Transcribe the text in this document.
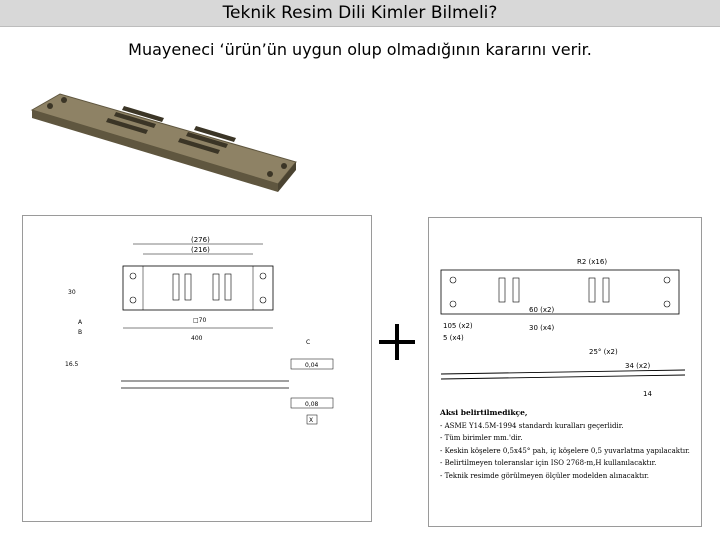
Teknik Resim Dili Kimler Bilmeli?
Muayeneci ‘ürün’ün uygun olup olmadığının kararını verir.
(276)
(216)
400
□70
16.5
30
A
B
C
0,04
0,08
X
R2 (x16)
60 (x2)
105 (x2)
5 (x4)
30 (x4)
25° (x2)
34 (x2)
14
Aksi belirtilmedikçe,
- ASME Y14.5M-1994 standardı kuralları geçerlidir.
- Tüm birimler mm.'dir.
- Keskin köşelere 0,5x45° pah, iç köşelere 0,5 yuvarlatma yapılacaktır.
- Belirtilmeyen toleranslar için ISO 2768-m,H kullanılacaktır.
- Teknik resimde görülmeyen ölçüler modelden alınacaktır.
